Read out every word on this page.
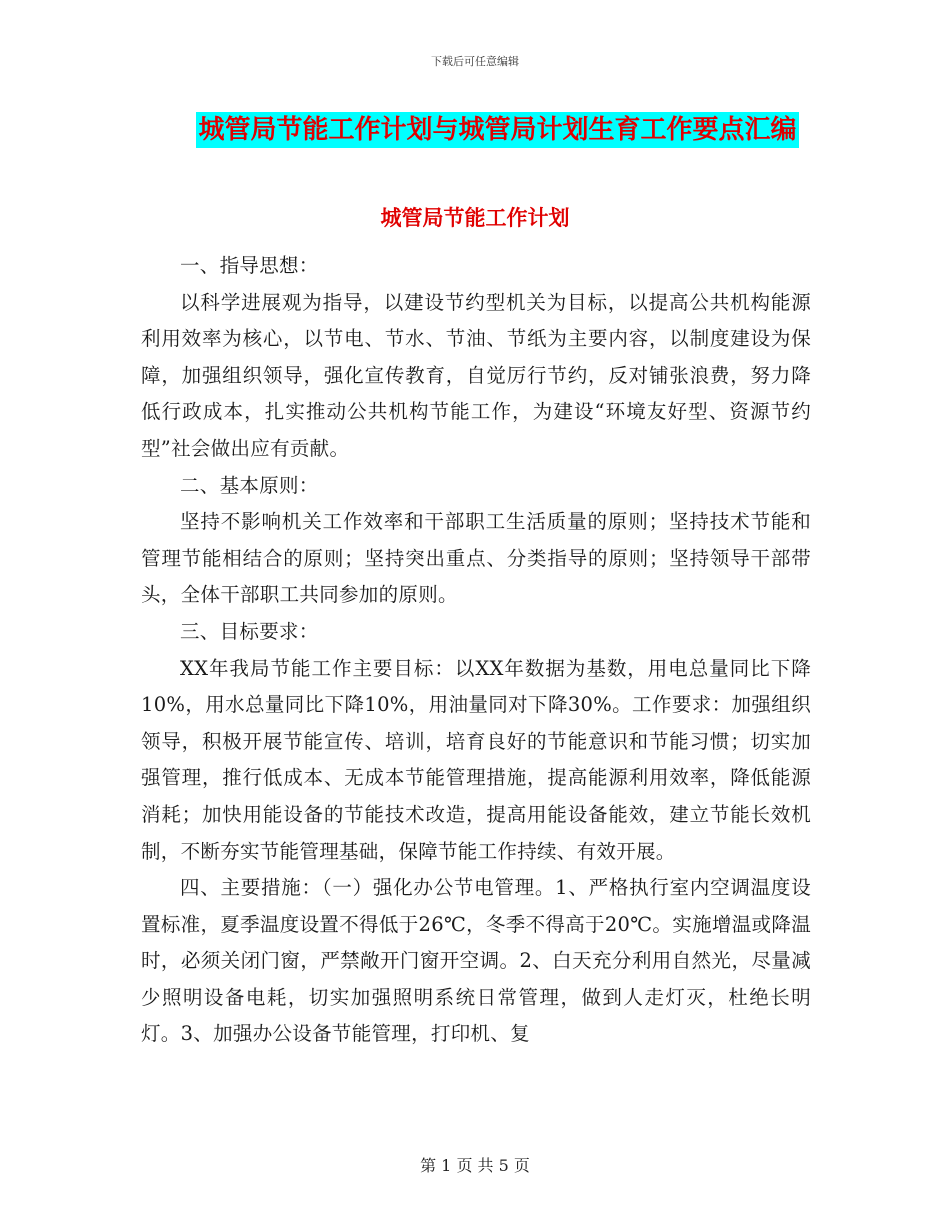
下载后可任意编辑
城管局节能工作计划与城管局计划生育工作要点汇编
城管局节能工作计划

一、指导思想：

以科学进展观为指导，以建设节约型机关为目标，以提高公共机构能源利用效率为核心，以节电、节水、节油、节纸为主要内容，以制度建设为保障，加强组织领导，强化宣传教育，自觉厉行节约，反对铺张浪费，努力降低行政成本，扎实推动公共机构节能工作，为建设“环境友好型、资源节约型”社会做出应有贡献。

二、基本原则：

坚持不影响机关工作效率和干部职工生活质量的原则；坚持技术节能和管理节能相结合的原则；坚持突出重点、分类指导的原则；坚持领导干部带头，全体干部职工共同参加的原则。

三、目标要求：

XX年我局节能工作主要目标：以XX年数据为基数，用电总量同比下降10%，用水总量同比下降10%，用油量同对下降30%。工作要求：加强组织领导，积极开展节能宣传、培训，培育良好的节能意识和节能习惯；切实加强管理，推行低成本、无成本节能管理措施，提高能源利用效率，降低能源消耗；加快用能设备的节能技术改造，提高用能设备能效，建立节能长效机制，不断夯实节能管理基础，保障节能工作持续、有效开展。

四、主要措施：（一）强化办公节电管理。1、严格执行室内空调温度设置标准，夏季温度设置不得低于26℃，冬季不得高于20℃。实施增温或降温时，必须关闭门窗，严禁敞开门窗开空调。2、白天充分利用自然光，尽量减少照明设备电耗，切实加强照明系统日常管理，做到人走灯灭，杜绝长明灯。3、加强办公设备节能管理，打印机、复

第 1 页 共 5 页
